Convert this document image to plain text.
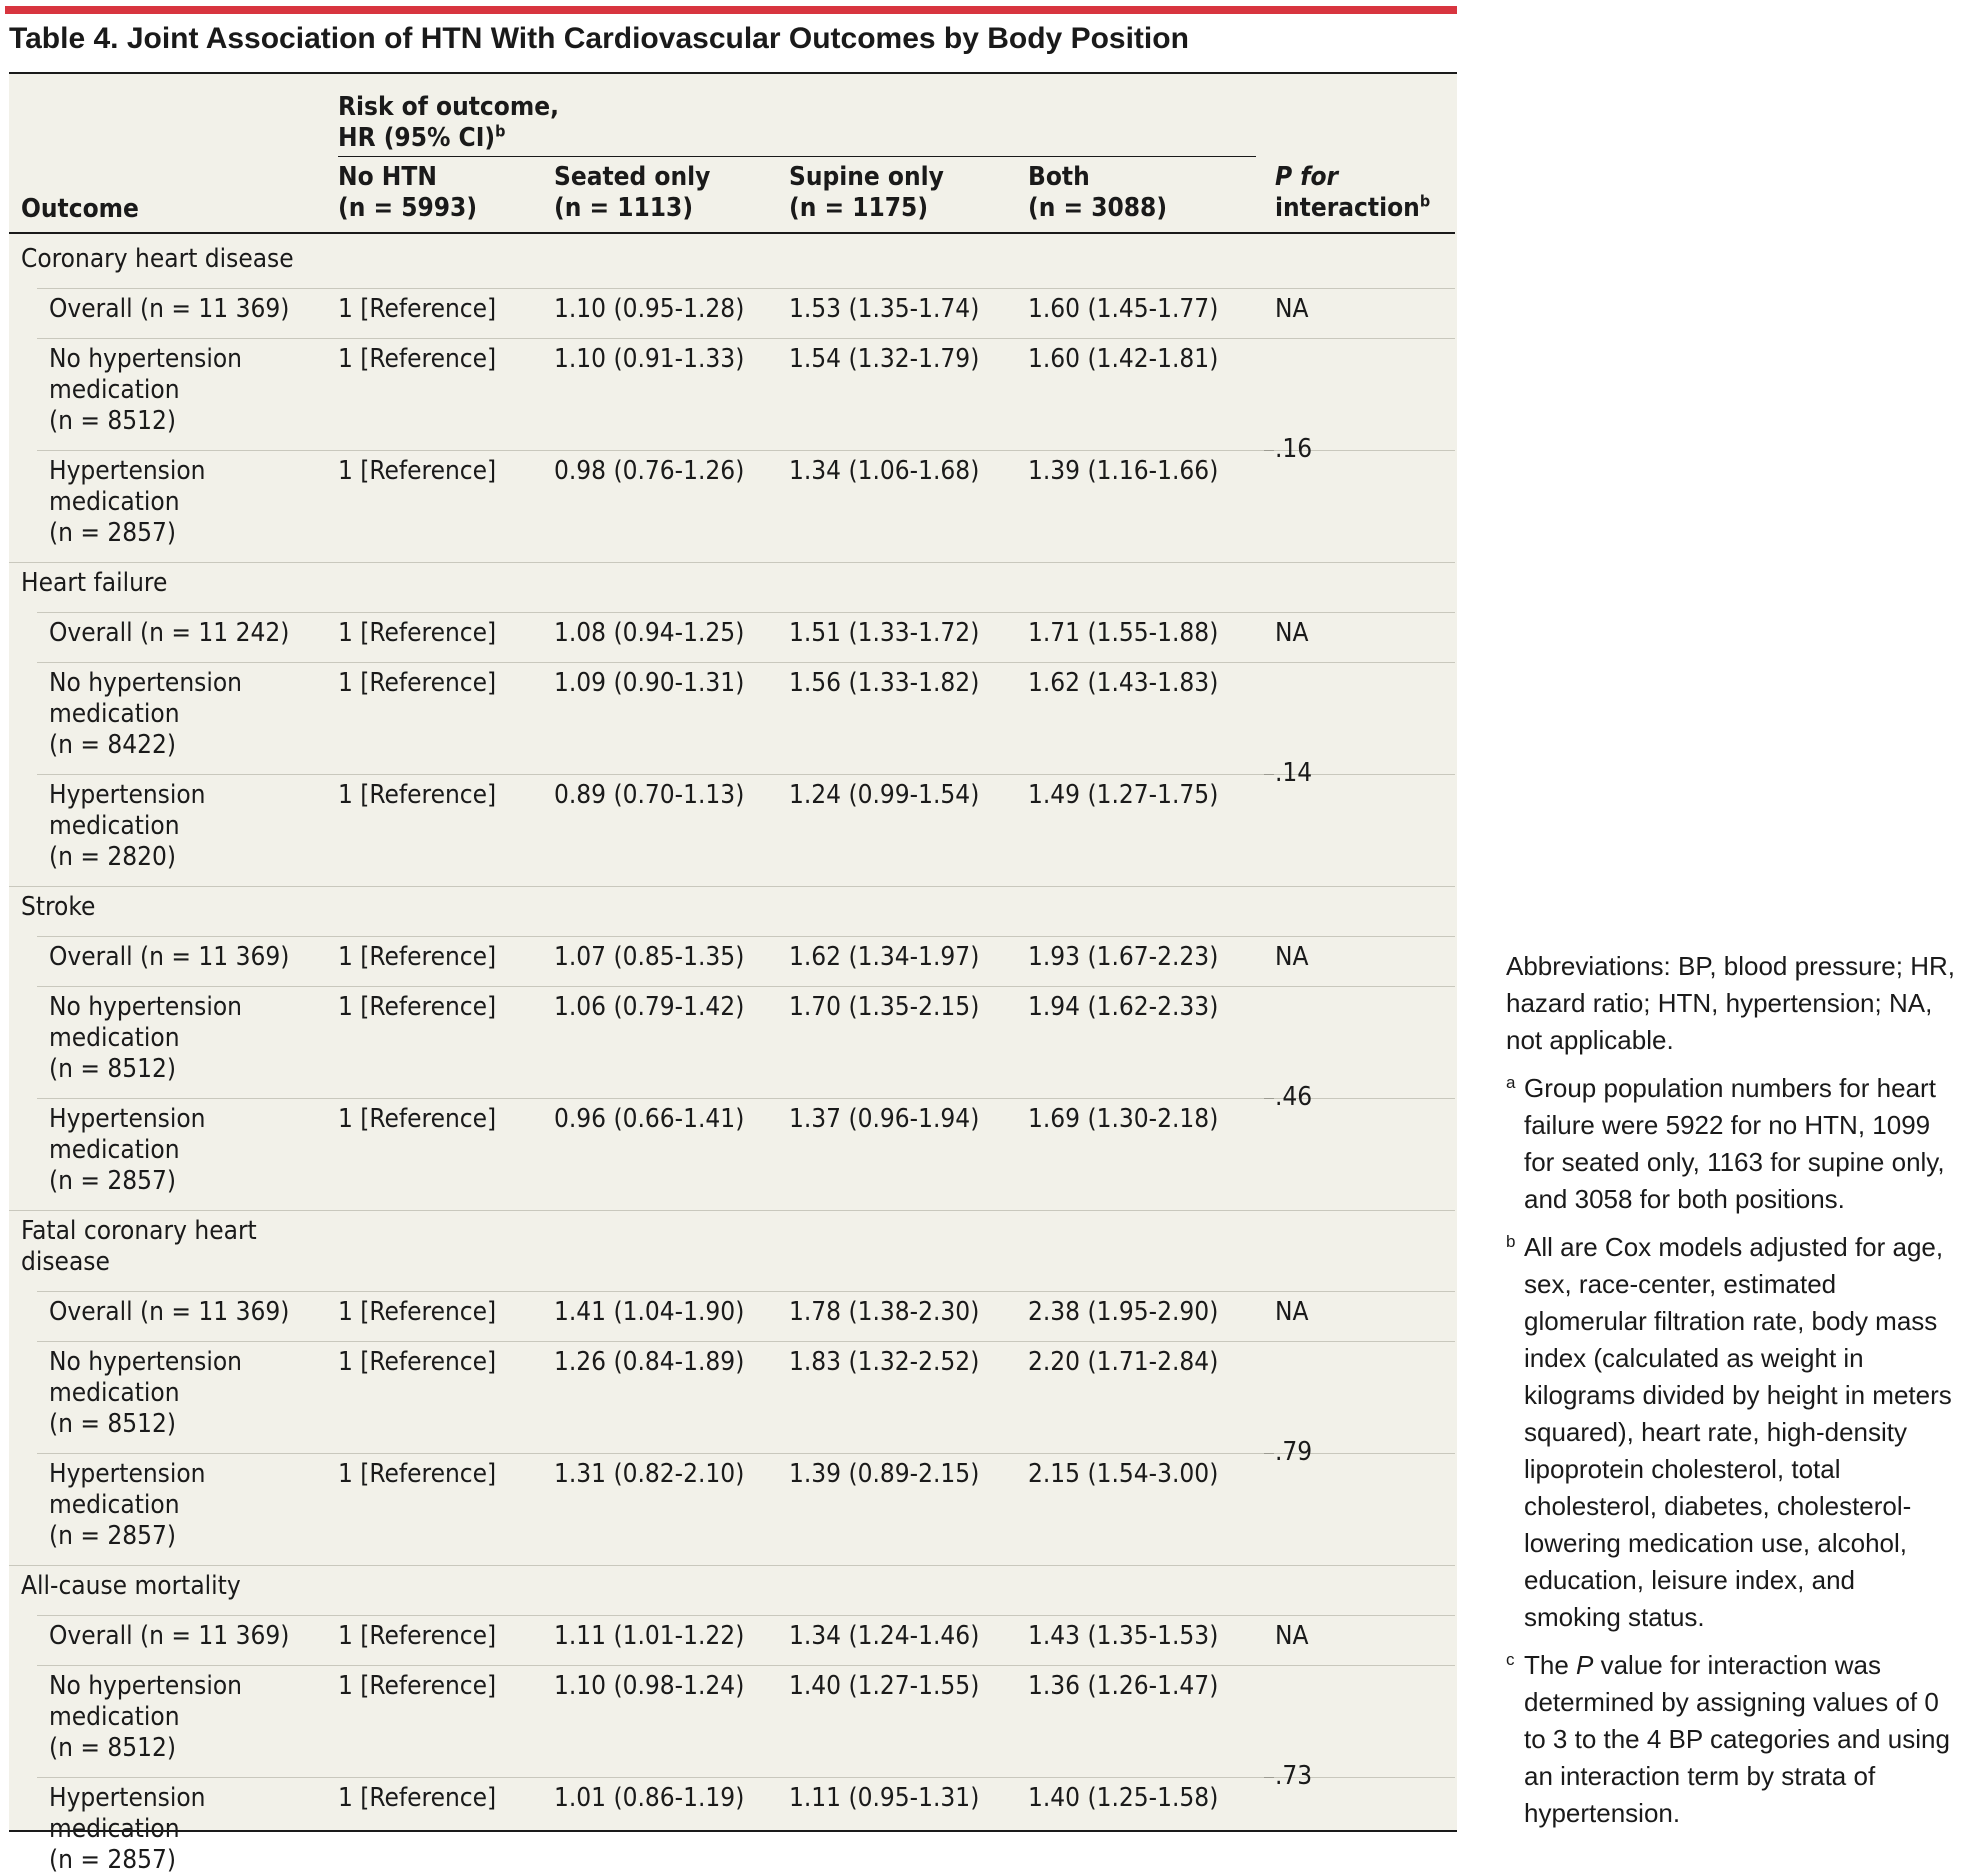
Table 4. Joint Association of HTN With Cardiovascular Outcomes by Body Position
Risk of outcome,
HR (95% CI)$^b$
Outcome
No HTN
(n = 5993)
Seated only
(n = 1113)
Supine only
(n = 1175)
Both
(n = 3088)
P for
interaction$^b$
Coronary heart disease
Overall (n = 11 369) 1 [Reference] 1.10 (0.95-1.28) 1.53 (1.35-1.74) 1.60 (1.45-1.77) NA
No hypertension
medication
(n = 8512)
1 [Reference] 1.10 (0.91-1.33) 1.54 (1.32-1.79) 1.60 (1.42-1.81)
Hypertension
medication
(n = 2857)
1 [Reference] 0.98 (0.76-1.26) 1.34 (1.06-1.68) 1.39 (1.16-1.66)
.16
Heart failure
Overall (n = 11 242) 1 [Reference] 1.08 (0.94-1.25) 1.51 (1.33-1.72) 1.71 (1.55-1.88) NA
No hypertension
medication
(n = 8422)
1 [Reference] 1.09 (0.90-1.31) 1.56 (1.33-1.82) 1.62 (1.43-1.83)
Hypertension
medication
(n = 2820)
1 [Reference] 0.89 (0.70-1.13) 1.24 (0.99-1.54) 1.49 (1.27-1.75)
.14
Stroke
Overall (n = 11 369) 1 [Reference] 1.07 (0.85-1.35) 1.62 (1.34-1.97) 1.93 (1.67-2.23) NA
No hypertension
medication
(n = 8512)
1 [Reference] 1.06 (0.79-1.42) 1.70 (1.35-2.15) 1.94 (1.62-2.33)
Hypertension
medication
(n = 2857)
1 [Reference] 0.96 (0.66-1.41) 1.37 (0.96-1.94) 1.69 (1.30-2.18)
.46
Fatal coronary heart
disease
Overall (n = 11 369) 1 [Reference] 1.41 (1.04-1.90) 1.78 (1.38-2.30) 2.38 (1.95-2.90) NA
No hypertension
medication
(n = 8512)
1 [Reference] 1.26 (0.84-1.89) 1.83 (1.32-2.52) 2.20 (1.71-2.84)
Hypertension
medication
(n = 2857)
1 [Reference] 1.31 (0.82-2.10) 1.39 (0.89-2.15) 2.15 (1.54-3.00)
.79
All-cause mortality
Overall (n = 11 369) 1 [Reference] 1.11 (1.01-1.22) 1.34 (1.24-1.46) 1.43 (1.35-1.53) NA
No hypertension
medication
(n = 8512)
1 [Reference] 1.10 (0.98-1.24) 1.40 (1.27-1.55) 1.36 (1.26-1.47)
Hypertension
medication
(n = 2857)
1 [Reference] 1.01 (0.86-1.19) 1.11 (0.95-1.31) 1.40 (1.25-1.58)
.73
Abbreviations: BP, blood pressure; HR, hazard ratio; HTN, hypertension; NA, not applicable.
a Group population numbers for heart failure were 5922 for no HTN, 1099 for seated only, 1163 for supine only, and 3058 for both positions.
b All are Cox models adjusted for age, sex, race-center, estimated glomerular filtration rate, body mass index (calculated as weight in kilograms divided by height in meters squared), heart rate, high-density lipoprotein cholesterol, total cholesterol, diabetes, cholesterol-lowering medication use, alcohol, education, leisure index, and smoking status.
c The P value for interaction was determined by assigning values of 0 to 3 to the 4 BP categories and using an interaction term by strata of hypertension.
